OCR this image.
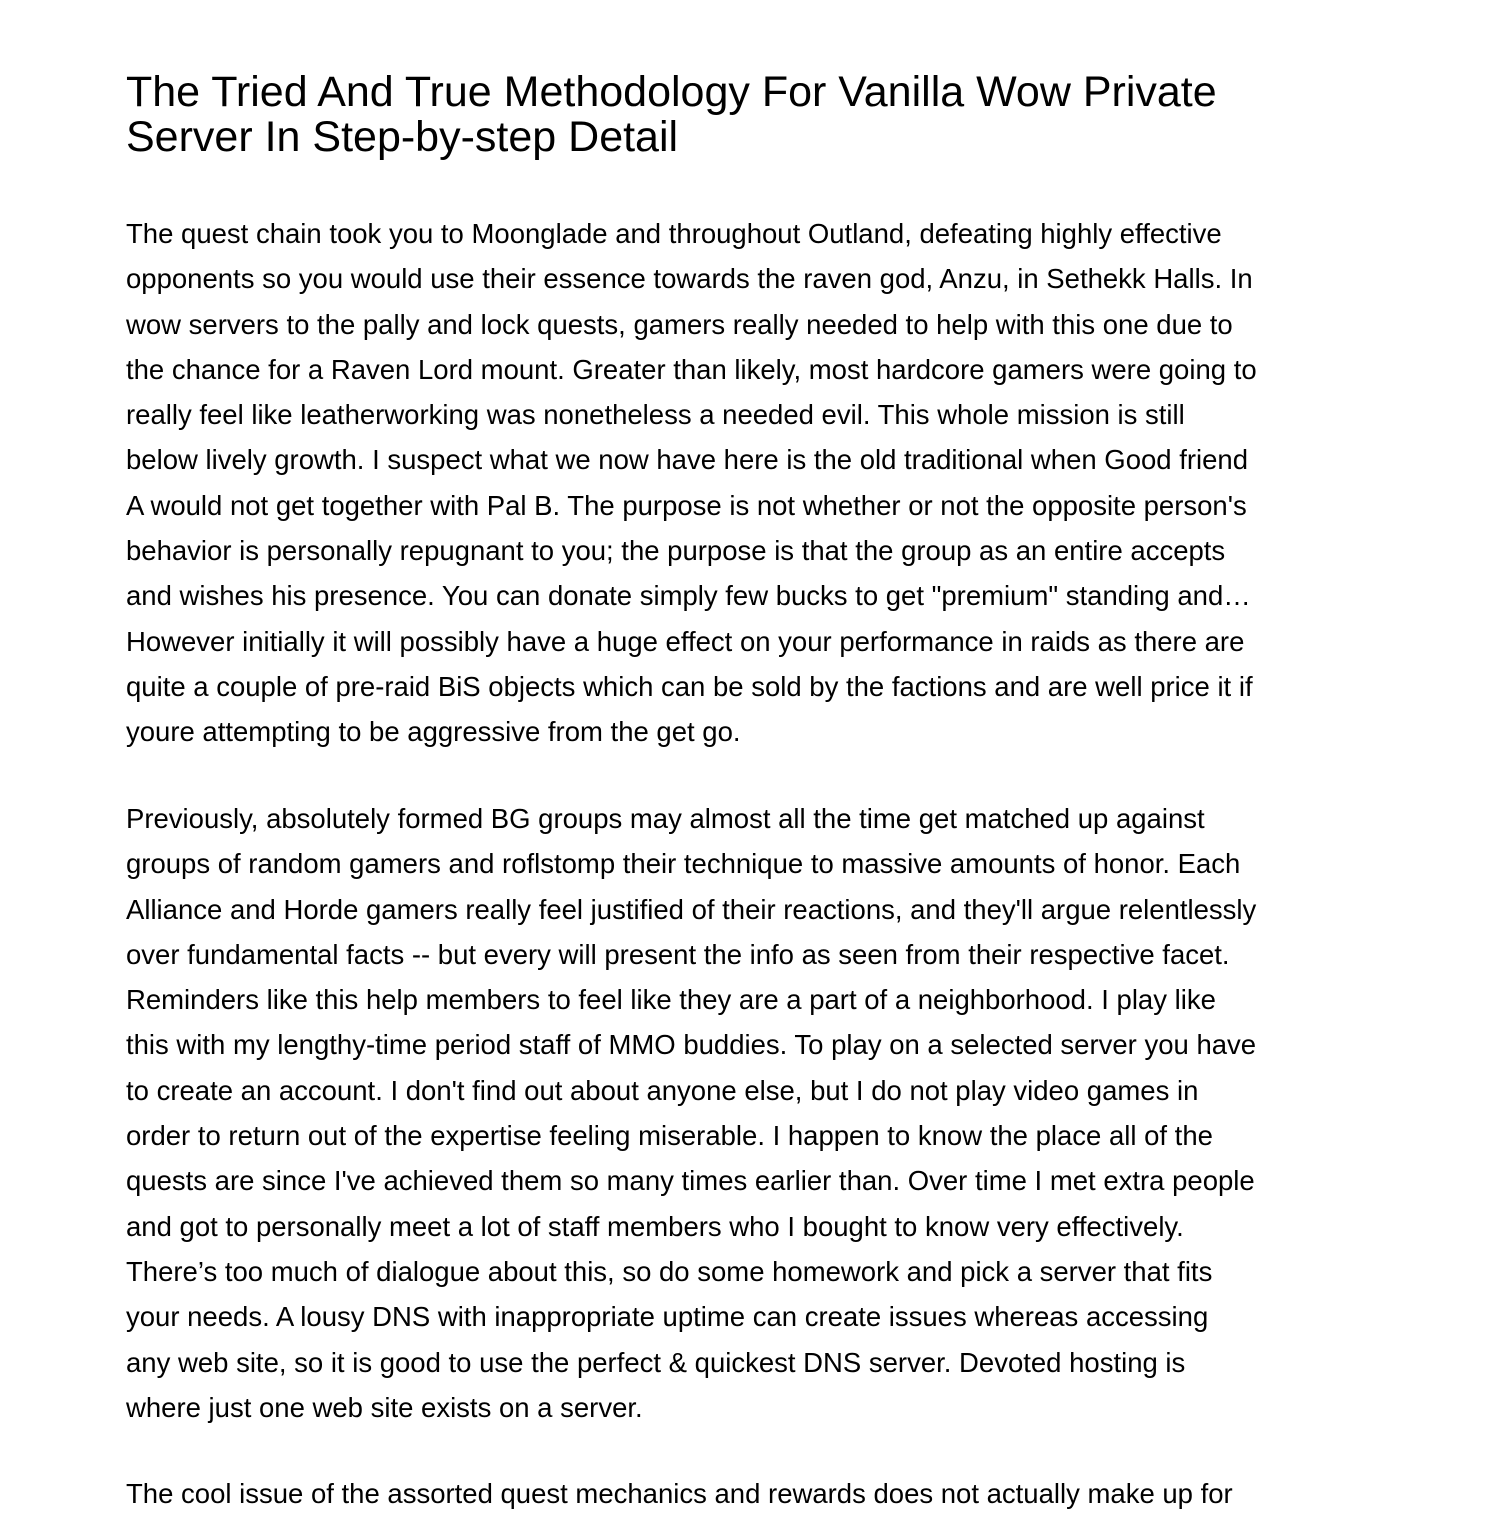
The Tried And True Methodology For Vanilla Wow Private
Server In Step-by-step Detail
The quest chain took you to Moonglade and throughout Outland, defeating highly effective
opponents so you would use their essence towards the raven god, Anzu, in Sethekk Halls. In
wow servers to the pally and lock quests, gamers really needed to help with this one due to
the chance for a Raven Lord mount. Greater than likely, most hardcore gamers were going to
really feel like leatherworking was nonetheless a needed evil. This whole mission is still
below lively growth. I suspect what we now have here is the old traditional when Good friend
A would not get together with Pal B. The purpose is not whether or not the opposite person's
behavior is personally repugnant to you; the purpose is that the group as an entire accepts
and wishes his presence. You can donate simply few bucks to get "premium" standing and…
However initially it will possibly have a huge effect on your performance in raids as there are
quite a couple of pre-raid BiS objects which can be sold by the factions and are well price it if
youre attempting to be aggressive from the get go.
Previously, absolutely formed BG groups may almost all the time get matched up against
groups of random gamers and roflstomp their technique to massive amounts of honor. Each
Alliance and Horde gamers really feel justified of their reactions, and they'll argue relentlessly
over fundamental facts -- but every will present the info as seen from their respective facet.
Reminders like this help members to feel like they are a part of a neighborhood. I play like
this with my lengthy-time period staff of MMO buddies. To play on a selected server you have
to create an account. I don't find out about anyone else, but I do not play video games in
order to return out of the expertise feeling miserable. I happen to know the place all of the
quests are since I've achieved them so many times earlier than. Over time I met extra people
and got to personally meet a lot of staff members who I bought to know very effectively.
There’s too much of dialogue about this, so do some homework and pick a server that fits
your needs. A lousy DNS with inappropriate uptime can create issues whereas accessing
any web site, so it is good to use the perfect & quickest DNS server. Devoted hosting is
where just one web site exists on a server.
The cool issue of the assorted quest mechanics and rewards does not actually make up for
